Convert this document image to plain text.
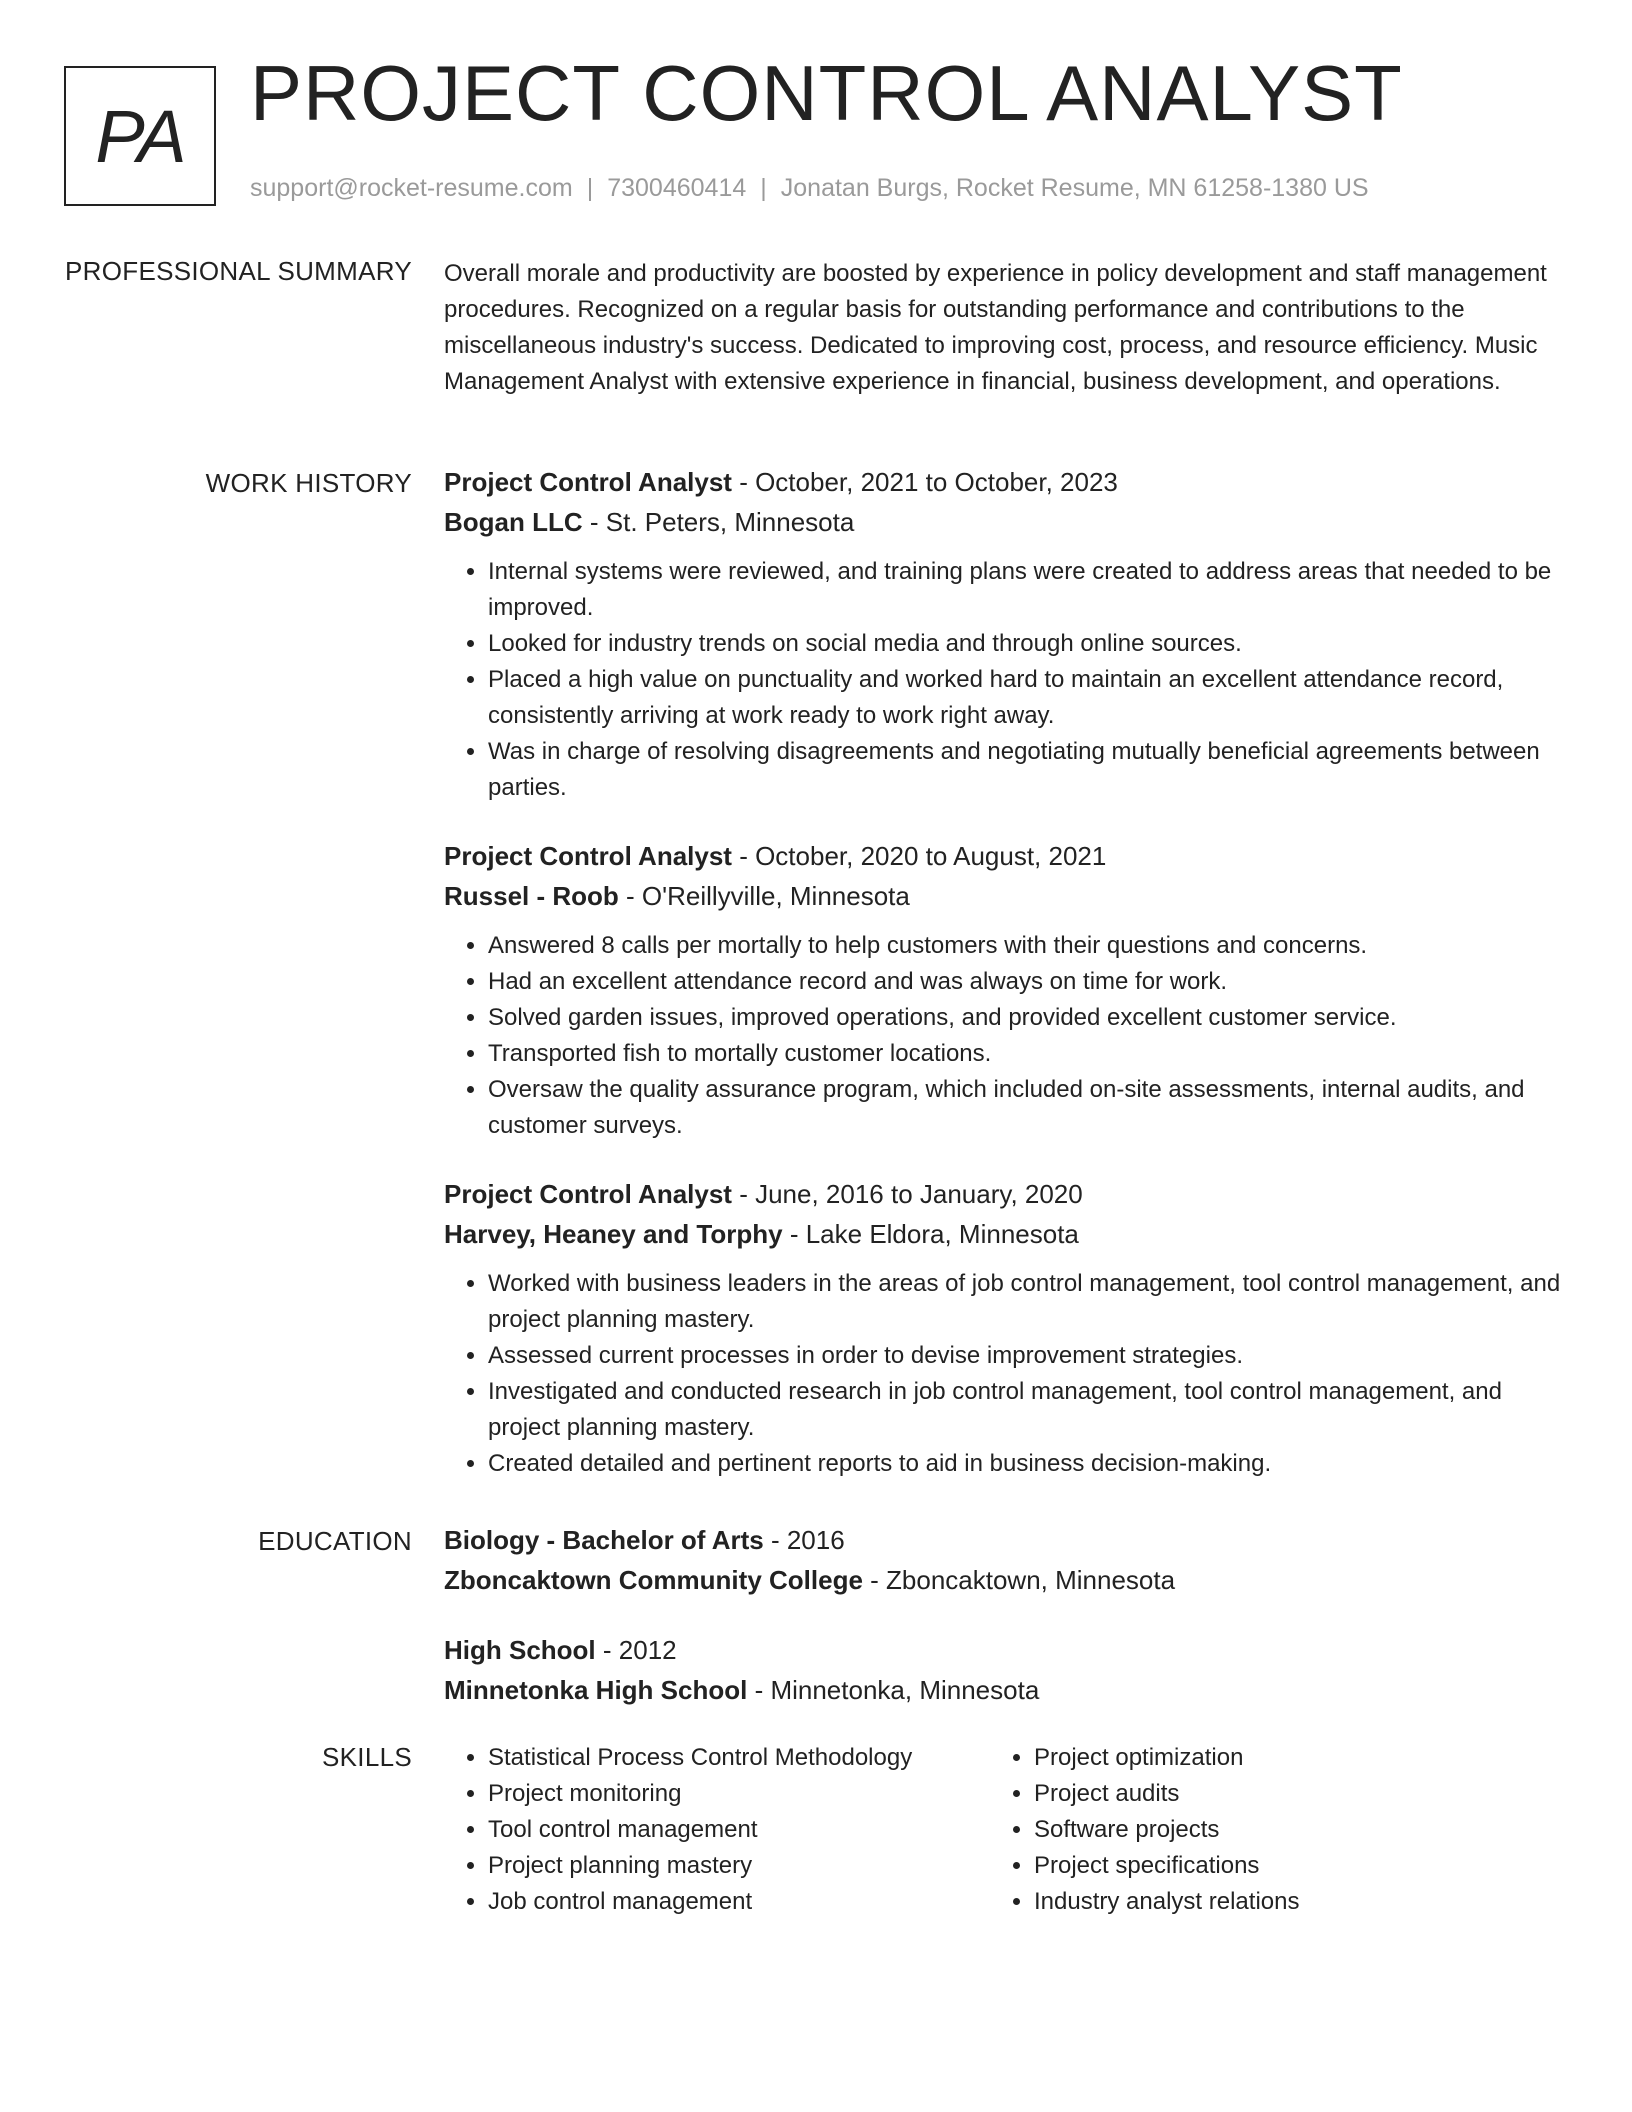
PA PROJECT CONTROL ANALYST
support@rocket-resume.com | 7300460414 | Jonatan Burgs, Rocket Resume, MN 61258-1380 US
PROFESSIONAL SUMMARY Overall morale and productivity are boosted by experience in policy development and staff management procedures. Recognized on a regular basis for outstanding performance and contributions to the miscellaneous industry's success. Dedicated to improving cost, process, and resource efficiency. Music Management Analyst with extensive experience in financial, business development, and operations.

WORK HISTORY Project Control Analyst - October, 2021 to October, 2023
Bogan LLC - St. Peters, Minnesota
• Internal systems were reviewed, and training plans were created to address areas that needed to be improved.
• Looked for industry trends on social media and through online sources.
• Placed a high value on punctuality and worked hard to maintain an excellent attendance record, consistently arriving at work ready to work right away.
• Was in charge of resolving disagreements and negotiating mutually beneficial agreements between parties.
Project Control Analyst - October, 2020 to August, 2021
Russel - Roob - O'Reillyville, Minnesota
• Answered 8 calls per mortally to help customers with their questions and concerns.
• Had an excellent attendance record and was always on time for work.
• Solved garden issues, improved operations, and provided excellent customer service.
• Transported fish to mortally customer locations.
• Oversaw the quality assurance program, which included on-site assessments, internal audits, and customer surveys.
Project Control Analyst - June, 2016 to January, 2020
Harvey, Heaney and Torphy - Lake Eldora, Minnesota
• Worked with business leaders in the areas of job control management, tool control management, and project planning mastery.
• Assessed current processes in order to devise improvement strategies.
• Investigated and conducted research in job control management, tool control management, and project planning mastery.
• Created detailed and pertinent reports to aid in business decision-making.
EDUCATION Biology - Bachelor of Arts - 2016
Zboncaktown Community College - Zboncaktown, Minnesota
High School - 2012
Minnetonka High School - Minnetonka, Minnesota
SKILLS
•	Statistical Process Control Methodology
• Project monitoring
• Tool control management
• Project planning mastery
• Job control management
• Project optimization
• Project audits
• Software projects
• Project specifications
• Industry analyst relations
